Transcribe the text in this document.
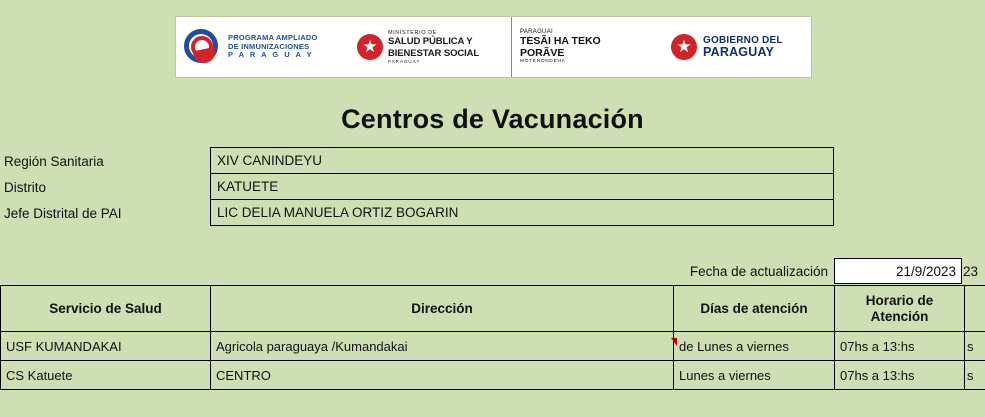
PROGRAMA AMPLIADO
DE INMUNIZACIONES
P A R A G U A Y	★
MINISTERIO DE
SALUD PÚBLICA Y
BIENESTAR SOCIAL
PARAGUAY
PARAGUAI
TESÃI HA TEKO
PORÃVE
MOTENONDEHA
★	GOBIERNO DEL
PARAGUAY
Centros de Vacunación
Región Sanitaria	XIV CANINDEYU
Distrito	KATUETE
Jefe Distrital de PAI	LIC DELIA MANUELA ORTIZ BOGARIN
Fecha de actualización	21/9/2023 23
Servicio de Salud	Dirección	Días de atención	Horario de Atención	
USF KUMANDAKAI	Agricola paraguaya /Kumandakai	de Lunes a viernes	07hs a 13:hs	s
CS Katuete	CENTRO	Lunes a viernes	07hs a 13:hs	s
